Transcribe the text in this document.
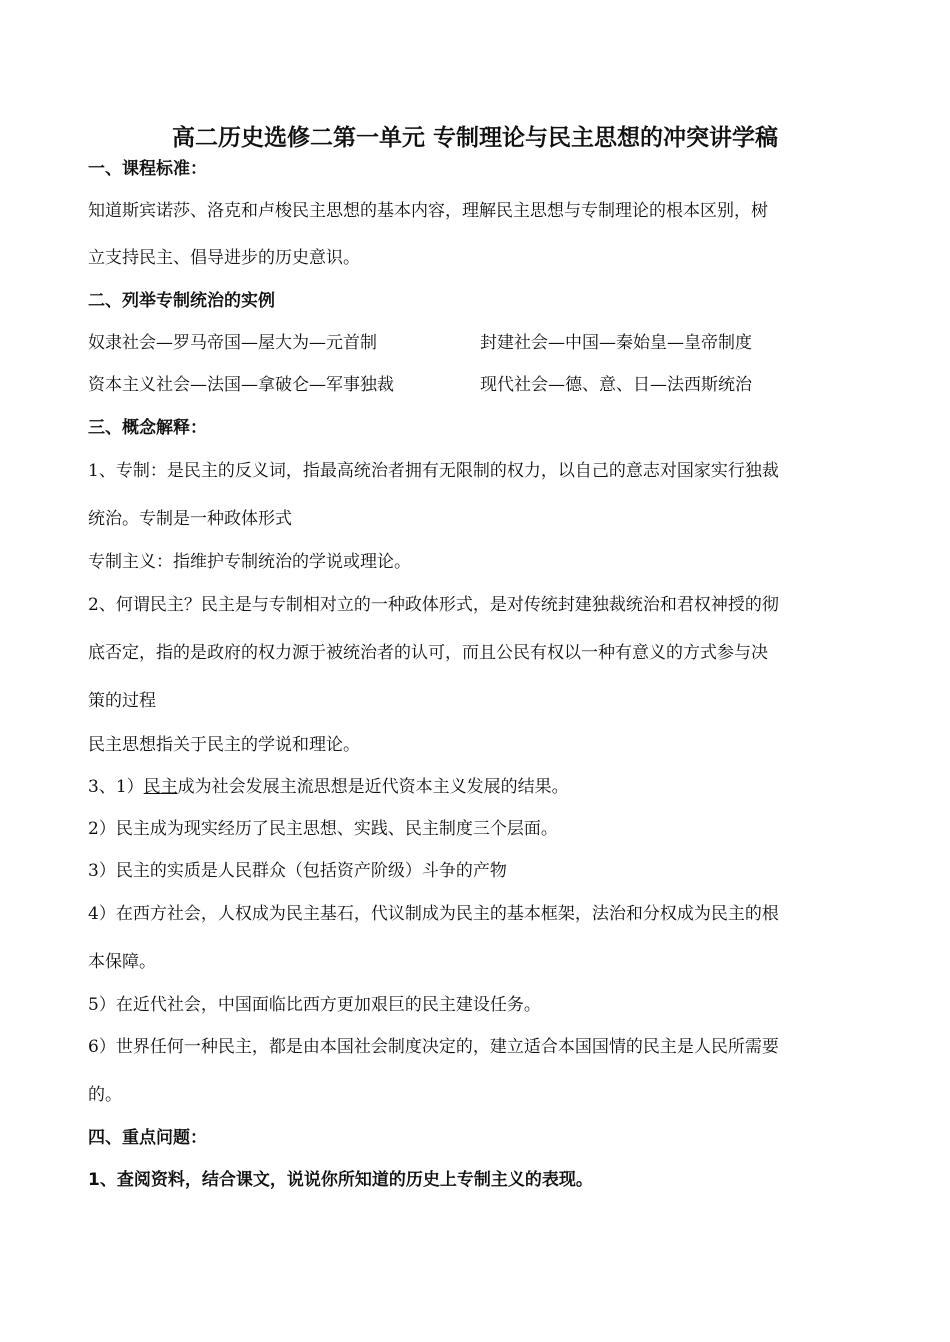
高二历史选修二第一单元 专制理论与民主思想的冲突讲学稿
一、课程标准：
知道斯宾诺莎、洛克和卢梭民主思想的基本内容，理解民主思想与专制理论的根本区别，树
立支持民主、倡导进步的历史意识。
二、列举专制统治的实例
奴隶社会—罗马帝国—屋大为—元首制	封建社会—中国—秦始皇—皇帝制度
资本主义社会—法国—拿破仑—军事独裁	现代社会—德、意、日—法西斯统治
三、概念解释：
1、专制：是民主的反义词，指最高统治者拥有无限制的权力，以自己的意志对国家实行独裁
统治。专制是一种政体形式
专制主义：指维护专制统治的学说或理论。
2、何谓民主？民主是与专制相对立的一种政体形式，是对传统封建独裁统治和君权神授的彻
底否定，指的是政府的权力源于被统治者的认可，而且公民有权以一种有意义的方式参与决
策的过程
民主思想指关于民主的学说和理论。
3、1）民主成为社会发展主流思想是近代资本主义发展的结果。
2）民主成为现实经历了民主思想、实践、民主制度三个层面。
3）民主的实质是人民群众（包括资产阶级）斗争的产物
4）在西方社会，人权成为民主基石，代议制成为民主的基本框架，法治和分权成为民主的根
本保障。
5）在近代社会，中国面临比西方更加艰巨的民主建设任务。
6）世界任何一种民主，都是由本国社会制度决定的，建立适合本国国情的民主是人民所需要
的。
四、重点问题：
1、查阅资料，结合课文，说说你所知道的历史上专制主义的表现。
